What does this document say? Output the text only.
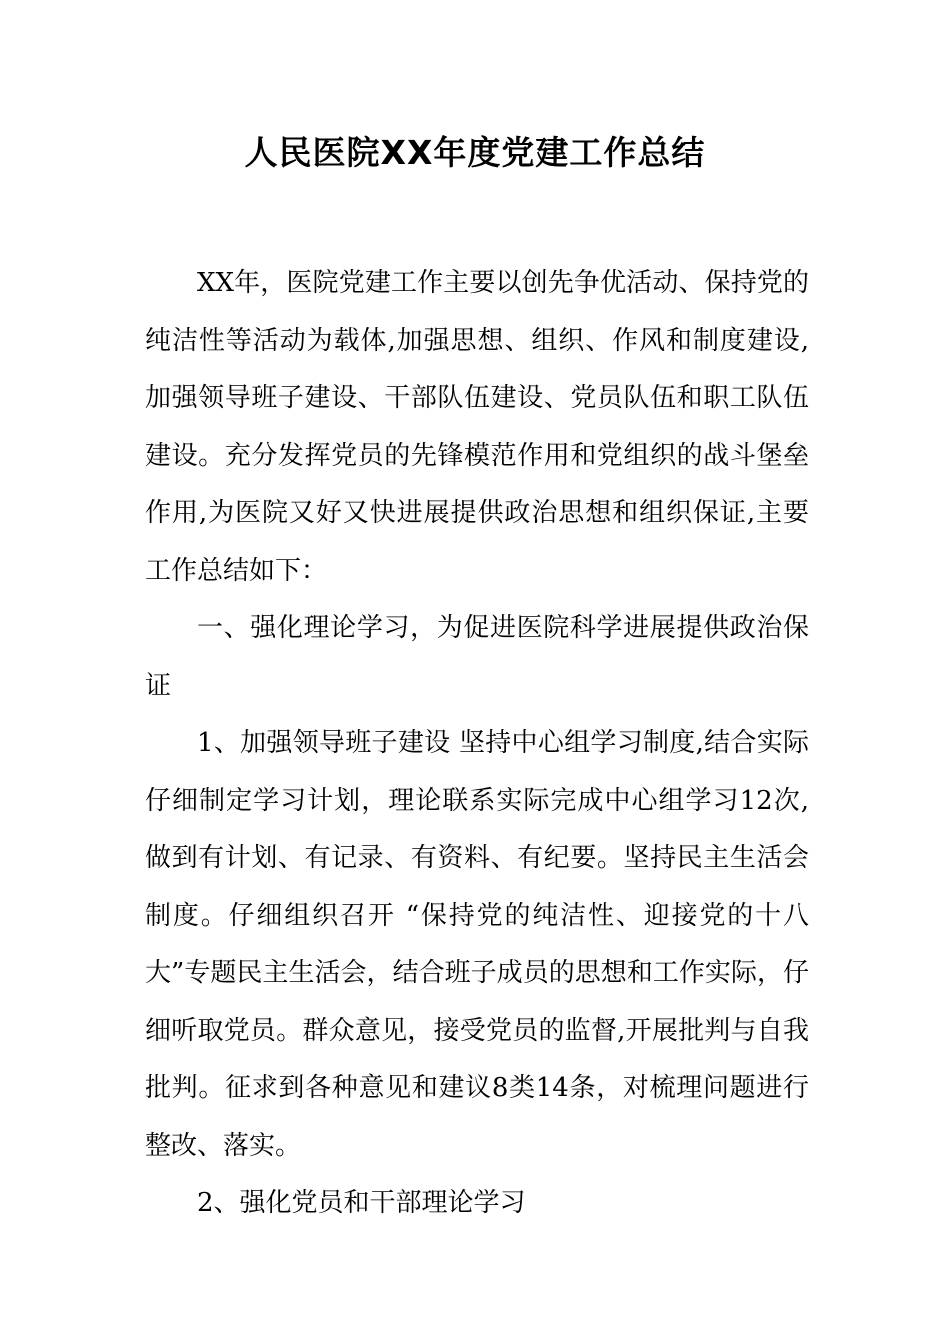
人民医院XX年度党建工作总结

XX年，医院党建工作主要以创先争优活动、保持党的纯洁性等活动为载体,加强思想、组织、作风和制度建设,加强领导班子建设、干部队伍建设、党员队伍和职工队伍建设。充分发挥党员的先锋模范作用和党组织的战斗堡垒作用,为医院又好又快进展提供政治思想和组织保证,主要工作总结如下：

一、强化理论学习，为促进医院科学进展提供政治保证

1、加强领导班子建设 坚持中心组学习制度,结合实际仔细制定学习计划，理论联系实际完成中心组学习12次,做到有计划、有记录、有资料、有纪要。坚持民主生活会制度。仔细组织召开 “保持党的纯洁性、迎接党的十八大”专题民主生活会，结合班子成员的思想和工作实际，仔细听取党员。群众意见，接受党员的监督,开展批判与自我批判。征求到各种意见和建议8类14条，对梳理问题进行整改、落实。

2、强化党员和干部理论学习
